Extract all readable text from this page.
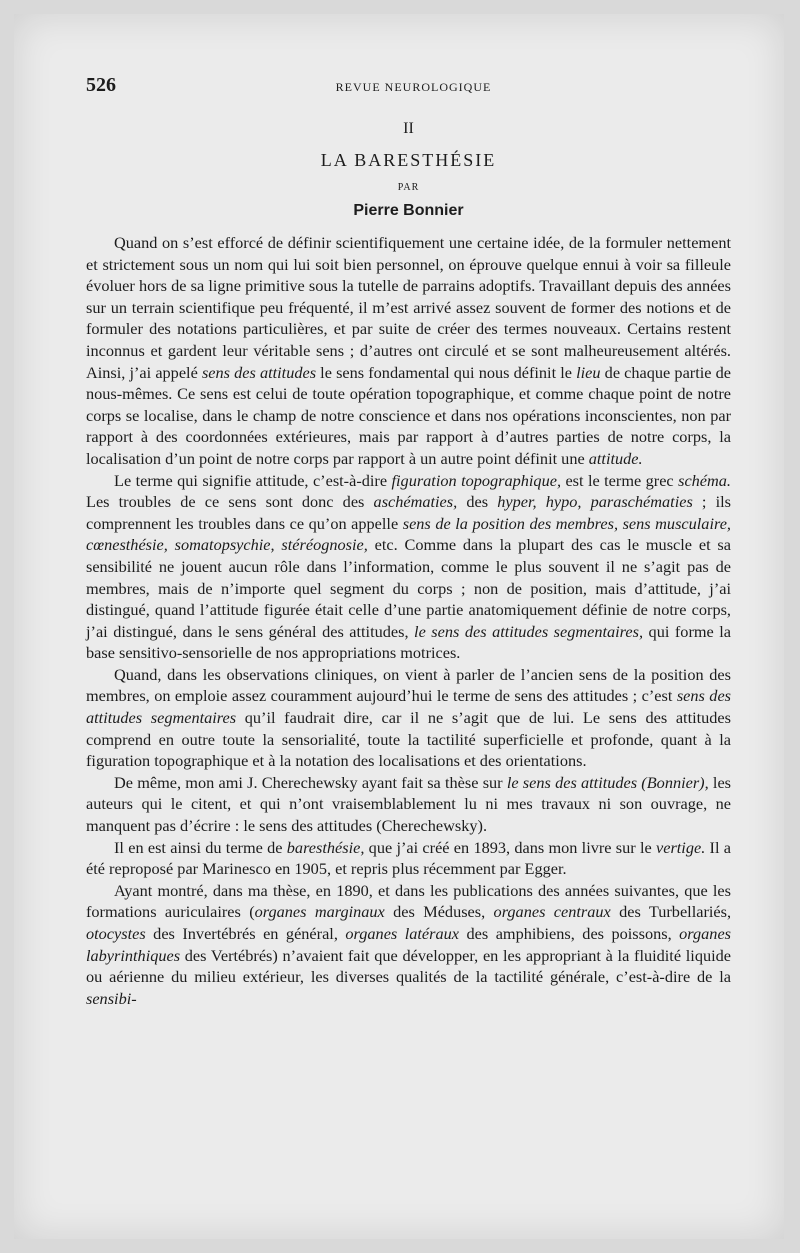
526	REVUE NEUROLOGIQUE
II
LA BARESTHÉSIE
PAR
Pierre Bonnier

Quand on s’est efforcé de définir scientifiquement une certaine idée, de la formuler nettement et strictement sous un nom qui lui soit bien personnel, on éprouve quelque ennui à voir sa filleule évoluer hors de sa ligne primitive sous la tutelle de parrains adoptifs. Travaillant depuis des années sur un terrain scientifique peu fréquenté, il m’est arrivé assez souvent de former des notions et de formuler des notations particulières, et par suite de créer des termes nouveaux. Certains restent inconnus et gardent leur véritable sens ; d’autres ont circulé et se sont malheureusement altérés. Ainsi, j’ai appelé sens des attitudes le sens fondamental qui nous définit le lieu de chaque partie de nous-mêmes. Ce sens est celui de toute opération topographique, et comme chaque point de notre corps se localise, dans le champ de notre conscience et dans nos opérations inconscientes, non par rapport à des coordonnées extérieures, mais par rapport à d’autres parties de notre corps, la localisation d’un point de notre corps par rapport à un autre point définit une attitude.

Le terme qui signifie attitude, c’est-à-dire figuration topographique, est le terme grec schéma. Les troubles de ce sens sont donc des aschématies, des hyper, hypo, paraschématies ; ils comprennent les troubles dans ce qu’on appelle sens de la position des membres, sens musculaire, cœnesthésie, somatopsychie, stéréognosie, etc. Comme dans la plupart des cas le muscle et sa sensibilité ne jouent aucun rôle dans l’information, comme le plus souvent il ne s’agit pas de membres, mais de n’importe quel segment du corps ; non de position, mais d’attitude, j’ai distingué, quand l’attitude figurée était celle d’une partie anatomiquement définie de notre corps, j’ai distingué, dans le sens général des attitudes, le sens des attitudes segmentaires, qui forme la base sensitivo-sensorielle de nos appropriations motrices.

Quand, dans les observations cliniques, on vient à parler de l’ancien sens de la position des membres, on emploie assez couramment aujourd’hui le terme de sens des attitudes ; c’est sens des attitudes segmentaires qu’il faudrait dire, car il ne s’agit que de lui. Le sens des attitudes comprend en outre toute la sensorialité, toute la tactilité superficielle et profonde, quant à la figuration topographique et à la notation des localisations et des orientations.

De même, mon ami J. Cherechewsky ayant fait sa thèse sur le sens des attitudes (Bonnier), les auteurs qui le citent, et qui n’ont vraisemblablement lu ni mes travaux ni son ouvrage, ne manquent pas d’écrire : le sens des attitudes (Cherechewsky).

Il en est ainsi du terme de baresthésie, que j’ai créé en 1893, dans mon livre sur le vertige. Il a été reproposé par Marinesco en 1905, et repris plus récemment par Egger.

Ayant montré, dans ma thèse, en 1890, et dans les publications des années suivantes, que les formations auriculaires (organes marginaux des Méduses, organes centraux des Turbellariés, otocystes des Invertébrés en général, organes latéraux des amphibiens, des poissons, organes labyrinthiques des Vertébrés) n’avaient fait que développer, en les appropriant à la fluidité liquide ou aérienne du milieu extérieur, les diverses qualités de la tactilité générale, c’est-à-dire de la sensibi-
